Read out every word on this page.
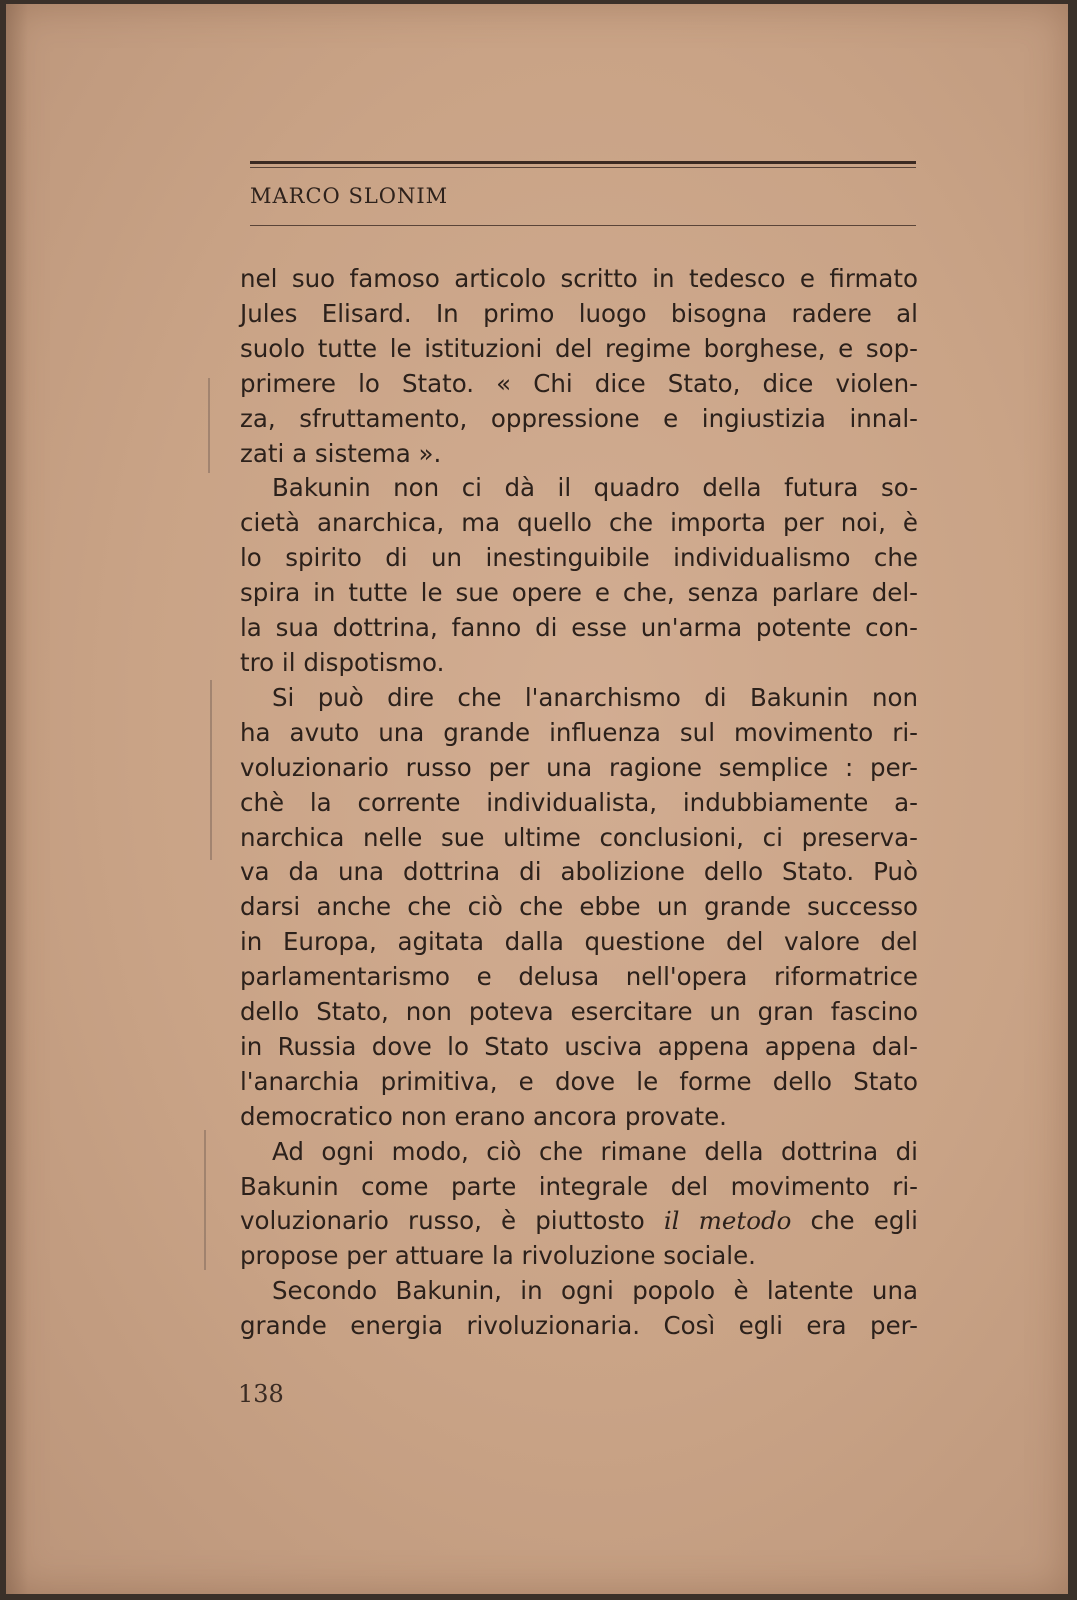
MARCO SLONIM
nel suo famoso articolo scritto in tedesco e firmato
Jules Elisard. In primo luogo bisogna radere al
suolo tutte le istituzioni del regime borghese, e sop-
primere lo Stato. « Chi dice Stato, dice violen-
za, sfruttamento, oppressione e ingiustizia innal-
zati a sistema ».
Bakunin non ci dà il quadro della futura so-
cietà anarchica, ma quello che importa per noi, è
lo spirito di un inestinguibile individualismo che
spira in tutte le sue opere e che, senza parlare del-
la sua dottrina, fanno di esse un'arma potente con-
tro il dispotismo.
Si può dire che l'anarchismo di Bakunin non
ha avuto una grande influenza sul movimento ri-
voluzionario russo per una ragione semplice : per-
chè la corrente individualista, indubbiamente a-
narchica nelle sue ultime conclusioni, ci preserva-
va da una dottrina di abolizione dello Stato. Può
darsi anche che ciò che ebbe un grande successo
in Europa, agitata dalla questione del valore del
parlamentarismo e delusa nell'opera riformatrice
dello Stato, non poteva esercitare un gran fascino
in Russia dove lo Stato usciva appena appena dal-
l'anarchia primitiva, e dove le forme dello Stato
democratico non erano ancora provate.
Ad ogni modo, ciò che rimane della dottrina di
Bakunin come parte integrale del movimento ri-
voluzionario russo, è piuttosto il metodo che egli
propose per attuare la rivoluzione sociale.
Secondo Bakunin, in ogni popolo è latente una
grande energia rivoluzionaria. Così egli era per-
138
